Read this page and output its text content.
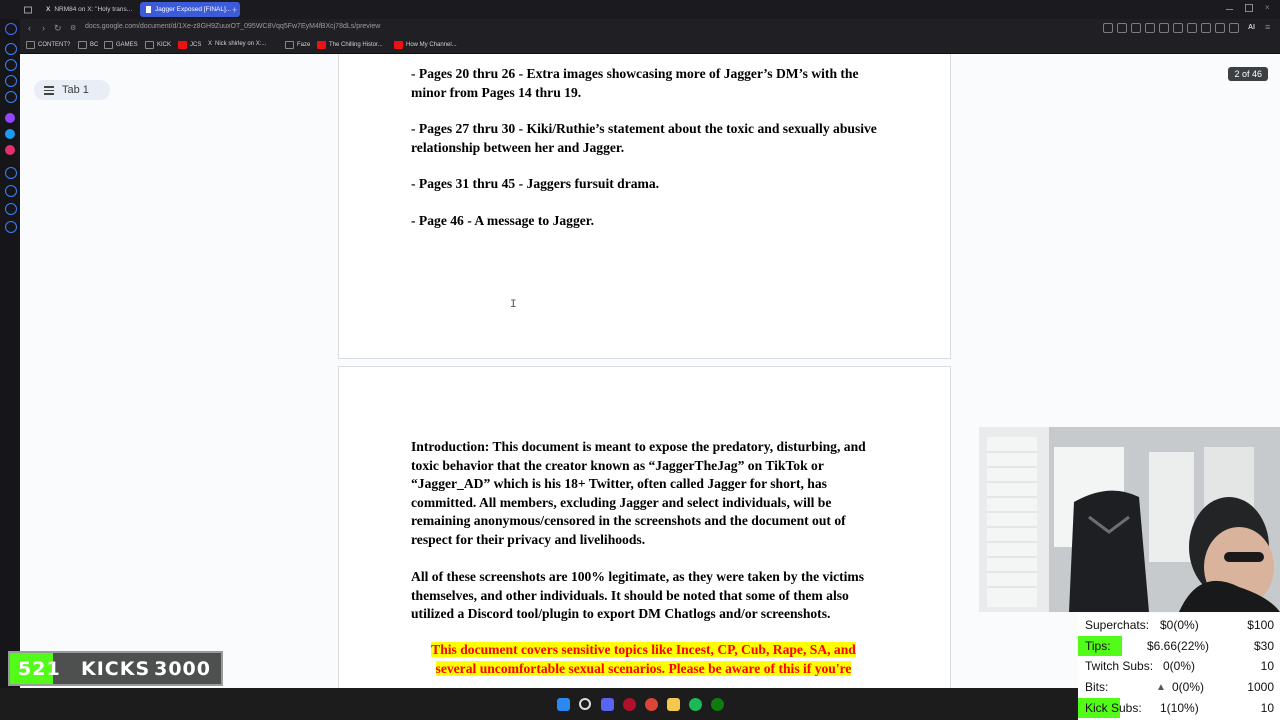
X NRM84 on X: "Holy trans...	Jagger Exposed [FINAL]... +	×
‹ › ↻ ⚙ docs.google.com/document/d/1Xe-z8GH9ZuuxOT_095WC8Vqq5Fw7EyM4fBXcj78dLs/preview	AI ≡
CONTENT?	BC	GAMES	KICK	JCS X Nick shirley on X:...	Faze	The Chilling Histor...	How My Channel...
Tab 1

- Pages 20 thru 26 - Extra images showcasing more of Jagger’s DM’s with the minor from Pages 14 thru 19.

- Pages 27 thru 30 - Kiki/Ruthie’s statement about the toxic and sexually abusive relationship between her and Jagger.

- Pages 31 thru 45 - Jaggers fursuit drama.

- Page 46 - A message to Jagger.

I

Introduction: This document is meant to expose the predatory, disturbing, and toxic behavior that the creator known as “JaggerTheJag” on TikTok or “Jagger_AD” which is his 18+ Twitter, often called Jagger for short, has committed. All members, excluding Jagger and select individuals, will be remaining anonymous/censored in the screenshots and the document out of respect for their privacy and livelihoods.

All of these screenshots are 100% legitimate, as they were taken by the victims themselves, and other individuals. It should be noted that some of them also utilized a Discord tool/plugin to export DM Chatlogs and/or screenshots.

This document covers sensitive topics like Incest, CP, Cub, Rape, SA, and several uncomfortable sexual scenarios. Please be aware of this if you're

2 of 46
521 KICKS 3000
Superchats: $0(0%)	$100
Tips:	$6.66(22%)	$30
Twitch Subs: 0(0%)	10
Bits:	▲ 0(0%)	1000
Kick Subs: 1(10%)	10
